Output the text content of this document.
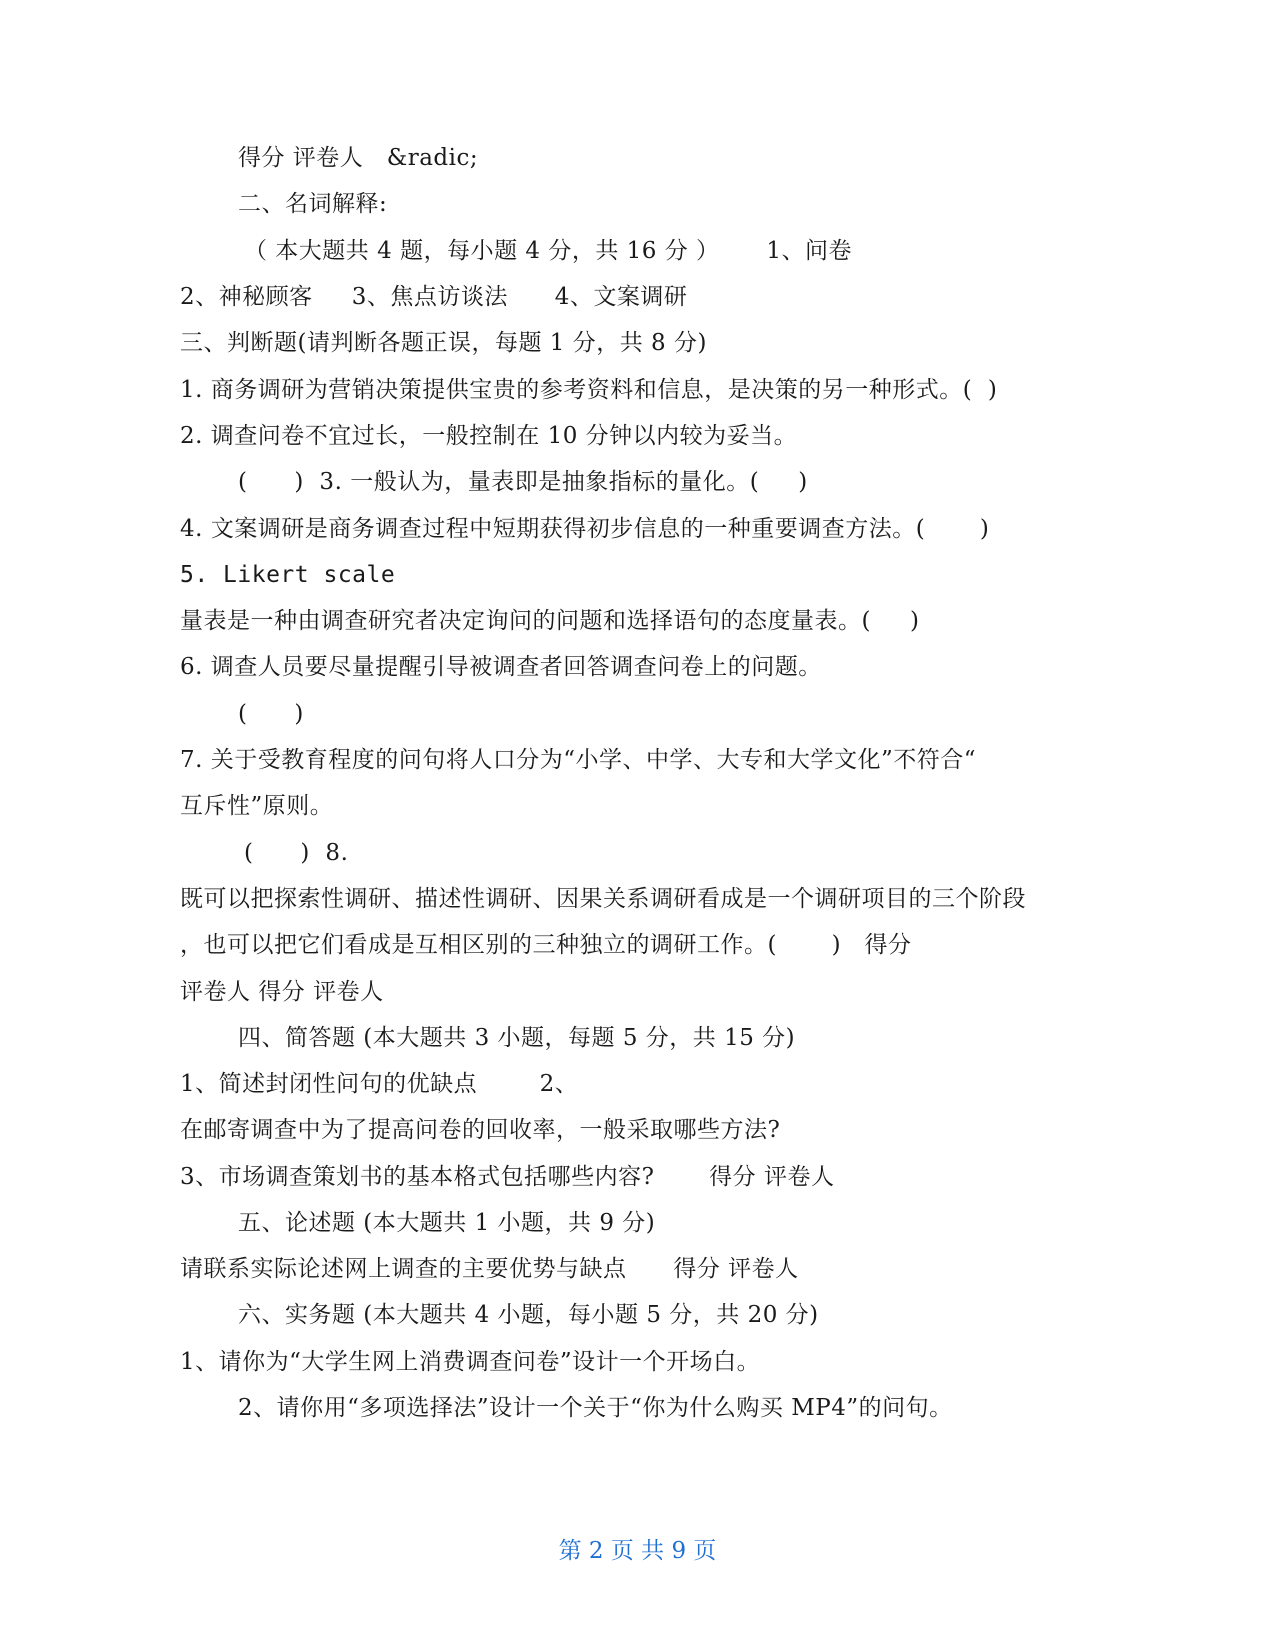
得分 评卷人   &radic;
二、名词解释:
（ 本大题共 4 题，每小题 4 分，共 16 分 ）      1、问卷
2、神秘顾客     3、焦点访谈法      4、文案调研
三、判断题(请判断各题正误，每题 1 分，共 8 分)
1. 商务调研为营销决策提供宝贵的参考资料和信息，是决策的另一种形式。(  )
2. 调查问卷不宜过长，一般控制在 10 分钟以内较为妥当。
(      )  3. 一般认为，量表即是抽象指标的量化。(     )
4. 文案调研是商务调查过程中短期获得初步信息的一种重要调查方法。(       )
5. Likert scale
量表是一种由调查研究者决定询问的问题和选择语句的态度量表。(     )
6. 调查人员要尽量提醒引导被调查者回答调查问卷上的问题。
(      )
7. 关于受教育程度的问句将人口分为“小学、中学、大专和大学文化”不符合“
互斥性”原则。
(      )  8.
既可以把探索性调研、描述性调研、因果关系调研看成是一个调研项目的三个阶段
，也可以把它们看成是互相区别的三种独立的调研工作。(       )   得分
评卷人 得分 评卷人
四、简答题 (本大题共 3 小题，每题 5 分，共 15 分)
1、简述封闭性问句的优缺点        2、
在邮寄调查中为了提高问卷的回收率，一般采取哪些方法?
3、市场调查策划书的基本格式包括哪些内容?       得分 评卷人
五、论述题 (本大题共 1 小题，共 9 分)
请联系实际论述网上调查的主要优势与缺点      得分 评卷人
六、实务题 (本大题共 4 小题，每小题 5 分，共 20 分)
1、请你为“大学生网上消费调查问卷”设计一个开场白。
2、请你用“多项选择法”设计一个关于“你为什么购买 MP4”的问句。
第 2 页 共 9 页
